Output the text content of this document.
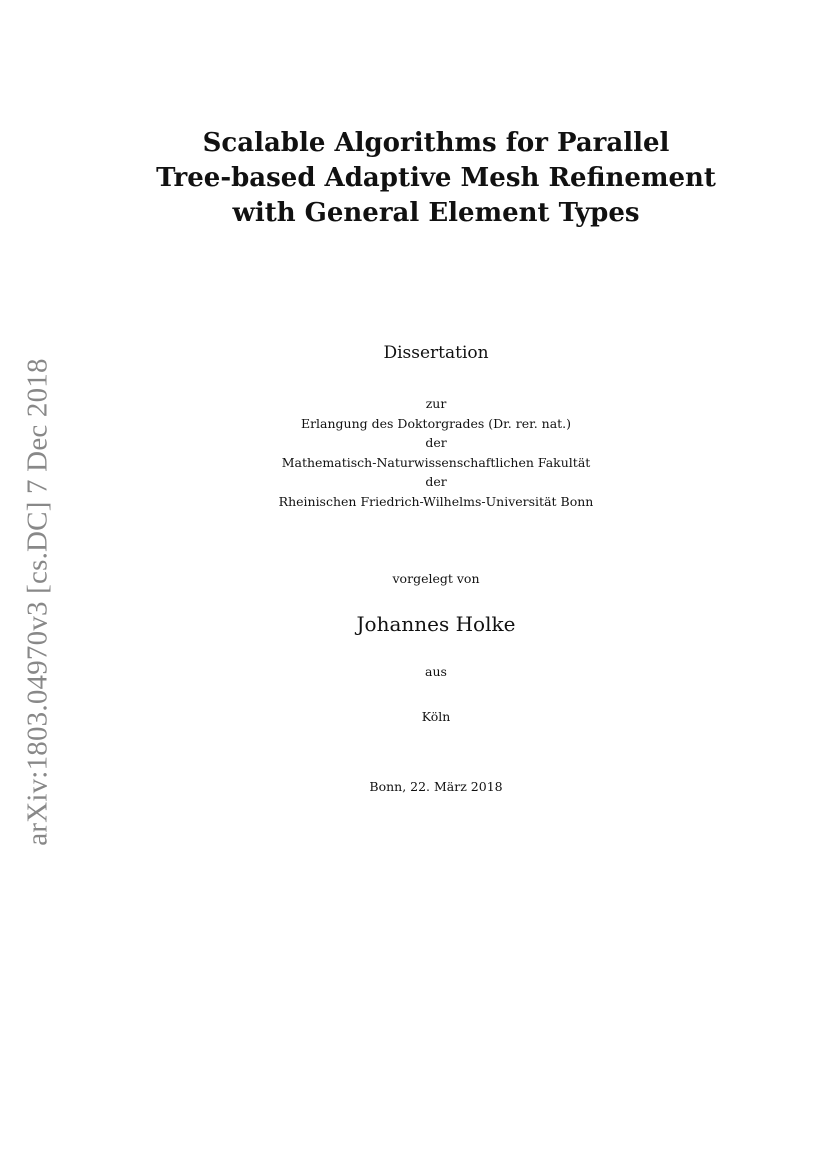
arXiv:1803.04970v3 [cs.DC] 7 Dec 2018
Scalable Algorithms for Parallel
Tree-based Adaptive Mesh Refinement
with General Element Types
Dissertation
zur
Erlangung des Doktorgrades (Dr. rer. nat.)
der
Mathematisch-Naturwissenschaftlichen Fakultät
der
Rheinischen Friedrich-Wilhelms-Universität Bonn
vorgelegt von
Johannes Holke
aus
Köln
Bonn, 22. März 2018
